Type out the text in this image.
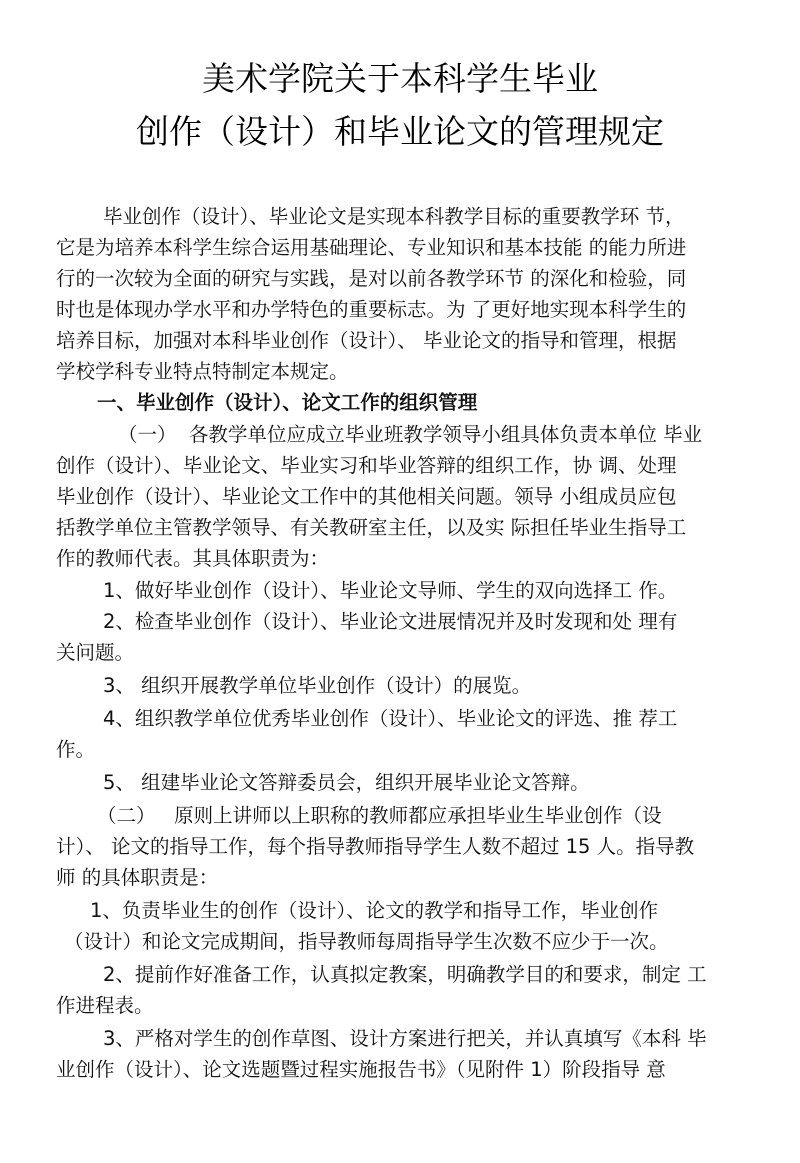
美术学院关于本科学生毕业
创作（设计）和毕业论文的管理规定
毕业创作（设计）、毕业论文是实现本科教学目标的重要教学环 节，
它是为培养本科学生综合运用基础理论、专业知识和基本技能 的能力所进
行的一次较为全面的研究与实践，是对以前各教学环节 的深化和检验，同
时也是体现办学水平和办学特色的重要标志。为 了更好地实现本科学生的
培养目标，加强对本科毕业创作（设计）、 毕业论文的指导和管理，根据
学校学科专业特点特制定本规定。
一、毕业创作（设计）、论文工作的组织管理
（一）  各教学单位应成立毕业班教学领导小组具体负责本单位 毕业
创作（设计）、毕业论文、毕业实习和毕业答辩的组织工作，协 调、处理
毕业创作（设计）、毕业论文工作中的其他相关问题。领导 小组成员应包
括教学单位主管教学领导、有关教研室主任，以及实 际担任毕业生指导工
作的教师代表。其具体职责为：
1、做好毕业创作（设计）、毕业论文导师、学生的双向选择工 作。
2、检查毕业创作（设计）、毕业论文进展情况并及时发现和处 理有
关问题。
3、 组织开展教学单位毕业创作（设计）的展览。
4、组织教学单位优秀毕业创作（设计）、毕业论文的评选、推 荐工
作。
5、 组建毕业论文答辩委员会，组织开展毕业论文答辩。
（二）   原则上讲师以上职称的教师都应承担毕业生毕业创作（设
计）、 论文的指导工作，每个指导教师指导学生人数不超过 15 人。指导教
师 的具体职责是：
1、负责毕业生的创作（设计）、论文的教学和指导工作，毕业创作
（设计）和论文完成期间，指导教师每周指导学生次数不应少于一次。
2、提前作好准备工作，认真拟定教案，明确教学目的和要求，制定 工
作进程表。
3、严格对学生的创作草图、设计方案进行把关，并认真填写《本科 毕
业创作（设计）、论文选题暨过程实施报告书》（见附件 1）阶段指导 意
